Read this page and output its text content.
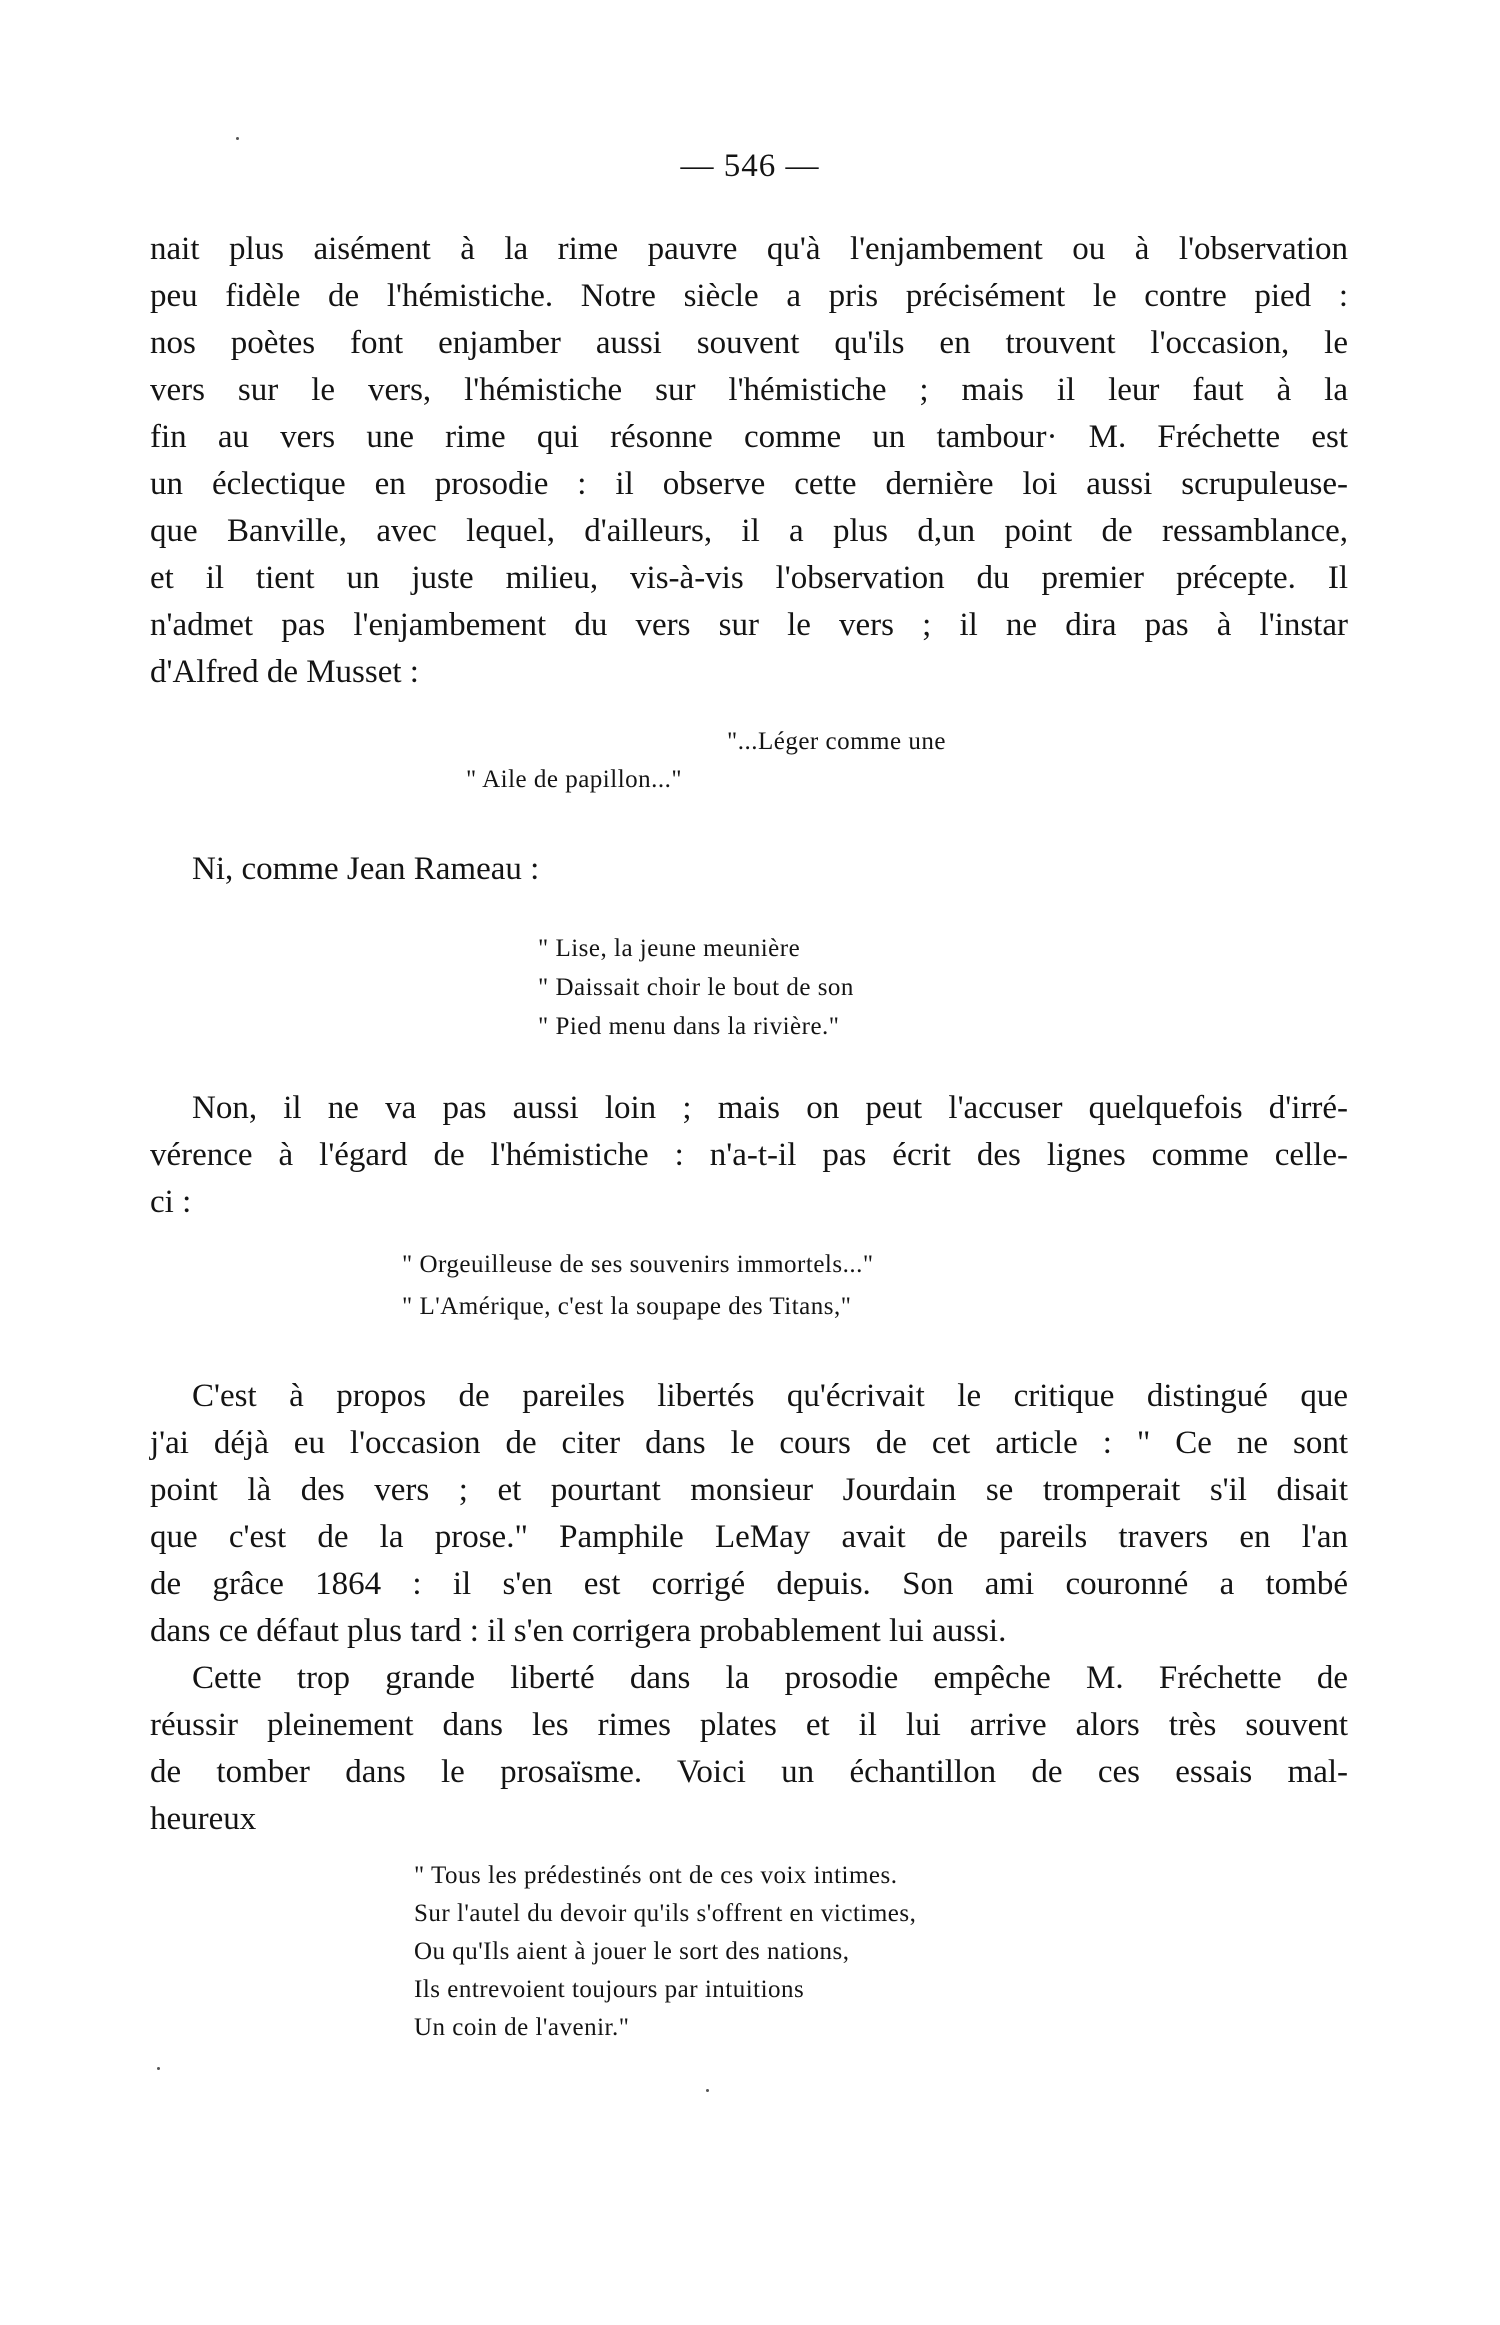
— 546 —
nait plus aisément à la rime pauvre qu'à l'enjambement ou à l'observation
peu fidèle de l'hémistiche. Notre siècle a pris précisément le contre pied :
nos poètes font enjamber aussi souvent qu'ils en trouvent l'occasion, le
vers sur le vers, l'hémistiche sur l'hémistiche ; mais il leur faut à la
fin au vers une rime qui résonne comme un tambour· M. Fréchette est
un éclectique en prosodie : il observe cette dernière loi aussi scrupuleuse-
que Banville, avec lequel, d'ailleurs, il a plus d,un point de ressamblance,
et il tient un juste milieu, vis-à-vis l'observation du premier précepte. Il
n'admet pas l'enjambement du vers sur le vers ; il ne dira pas à l'instar
d'Alfred de Musset :
"...Léger comme une
" Aile de papillon..."
Ni, comme Jean Rameau :
" Lise, la jeune meunière
" Daissait choir le bout de son
" Pied menu dans la rivière."
Non, il ne va pas aussi loin ; mais on peut l'accuser quelquefois d'irré-
vérence à l'égard de l'hémistiche : n'a-t-il pas écrit des lignes comme celle-
ci :
" Orgeuilleuse de ses souvenirs immortels..."
" L'Amérique, c'est la soupape des Titans,"
C'est à propos de pareiles libertés qu'écrivait le critique distingué que
j'ai déjà eu l'occasion de citer dans le cours de cet article : " Ce ne sont
point là des vers ; et pourtant monsieur Jourdain se tromperait s'il disait
que c'est de la prose." Pamphile LeMay avait de pareils travers en l'an
de grâce 1864 : il s'en est corrigé depuis. Son ami couronné a tombé
dans ce défaut plus tard : il s'en corrigera probablement lui aussi.
Cette trop grande liberté dans la prosodie empêche M. Fréchette de
réussir pleinement dans les rimes plates et il lui arrive alors très souvent
de tomber dans le prosaïsme. Voici un échantillon de ces essais mal-
heureux
" Tous les prédestinés ont de ces voix intimes.
Sur l'autel du devoir qu'ils s'offrent en victimes,
Ou qu'Ils aient à jouer le sort des nations,
Ils entrevoient toujours par intuitions
Un coin de l'avenir."
